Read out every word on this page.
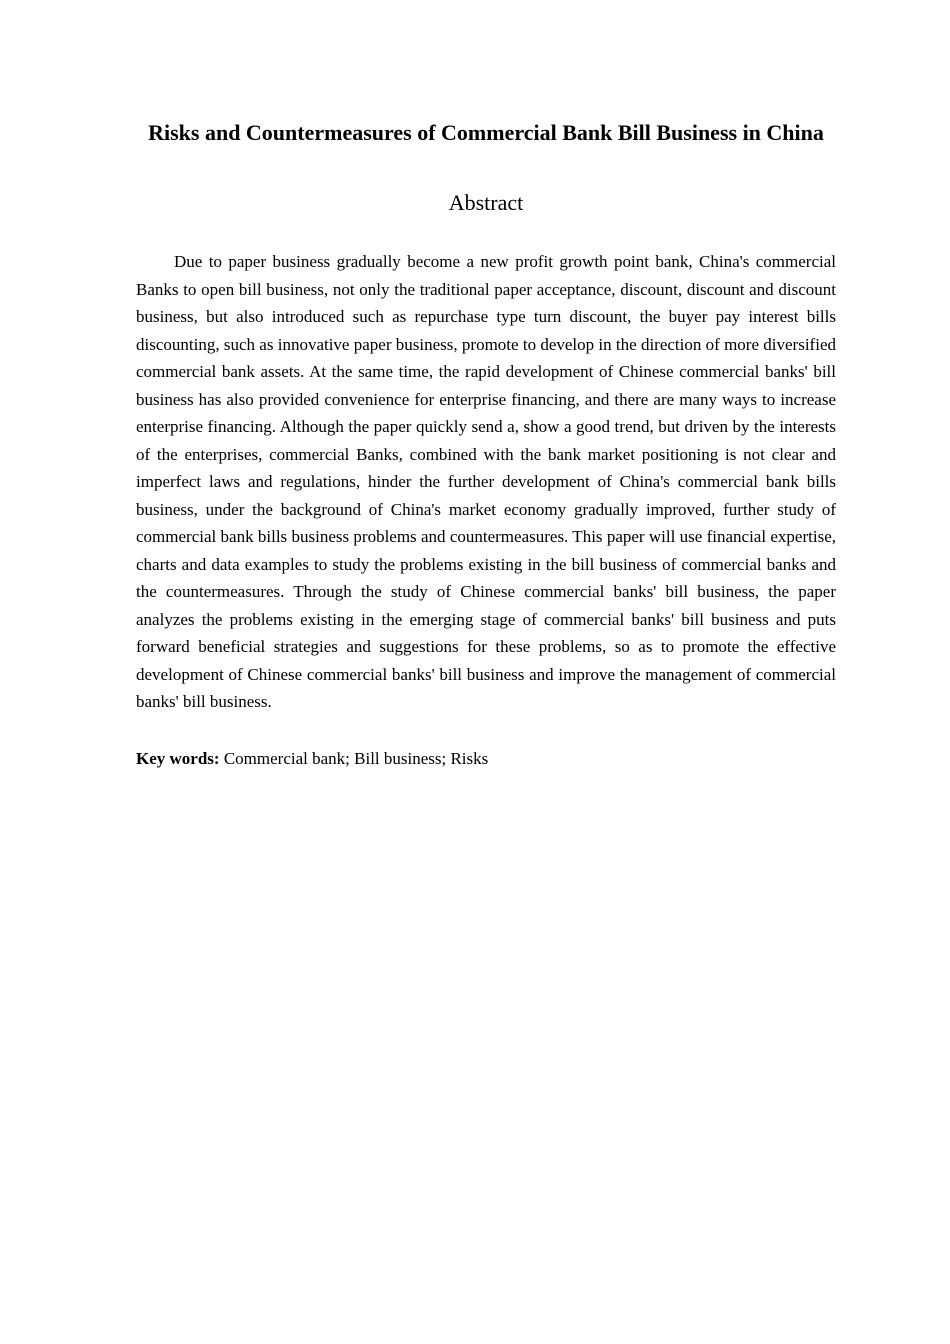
Risks and Countermeasures of Commercial Bank Bill Business in China
Abstract

Due to paper business gradually become a new profit growth point bank, China's commercial Banks to open bill business, not only the traditional paper acceptance, discount, discount and discount business, but also introduced such as repurchase type turn discount, the buyer pay interest bills discounting, such as innovative paper business, promote to develop in the direction of more diversified commercial bank assets. At the same time, the rapid development of Chinese commercial banks' bill business has also provided convenience for enterprise financing, and there are many ways to increase enterprise financing. Although the paper quickly send a, show a good trend, but driven by the interests of the enterprises, commercial Banks, combined with the bank market positioning is not clear and imperfect laws and regulations, hinder the further development of China's commercial bank bills business, under the background of China's market economy gradually improved, further study of commercial bank bills business problems and countermeasures. This paper will use financial expertise, charts and data examples to study the problems existing in the bill business of commercial banks and the countermeasures. Through the study of Chinese commercial banks' bill business, the paper analyzes the problems existing in the emerging stage of commercial banks' bill business and puts forward beneficial strategies and suggestions for these problems, so as to promote the effective development of Chinese commercial banks' bill business and improve the management of commercial banks' bill business.

Key words: Commercial bank; Bill business; Risks
